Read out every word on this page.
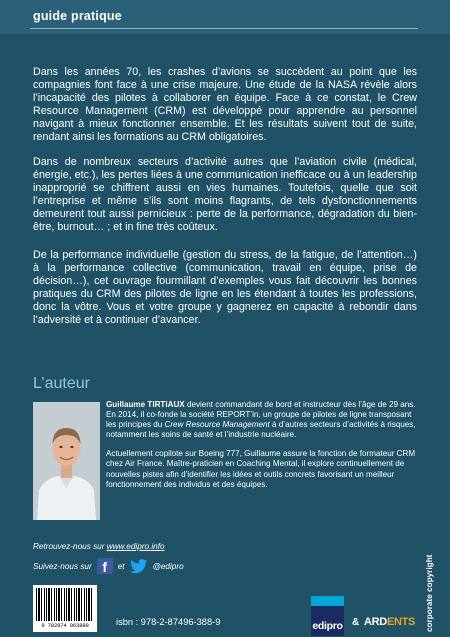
guide pratique

Dans les années 70, les crashes d’avions se succèdent au point que les compagnies font face à une crise majeure. Une étude de la NASA révèle alors l’incapacité des pilotes à collaborer en équipe. Face à ce constat, le Crew Resource Management (CRM) est développé pour apprendre au personnel navigant à mieux fonctionner ensemble. Et les résultats suivent tout de suite, rendant ainsi les formations au CRM obligatoires.

Dans de nombreux secteurs d’activité autres que l’aviation civile (médical, énergie, etc.), les pertes liées à une communication inefficace ou à un leadership inapproprié se chiffrent aussi en vies humaines. Toutefois, quelle que soit l’entreprise et même s’ils sont moins flagrants, de tels dysfonctionnements demeurent tout aussi pernicieux : perte de la performance, dégradation du bien-être, burnout… ; et in fine très coûteux.

De la performance individuelle (gestion du stress, de la fatigue, de l’attention…) à la performance collective (communication, travail en équipe, prise de décision…), cet ouvrage fourmillant d’exemples vous fait découvrir les bonnes pratiques du CRM des pilotes de ligne en les étendant à toutes les professions, donc la vôtre. Vous et votre groupe y gagnerez en capacité à rebondir dans l’adversité et à continuer d’avancer.

L’auteur

Guillaume TIRTIAUX devient commandant de bord et instructeur dès l’âge de 29 ans. En 2014, il co-fonde la société REPORT’in, un groupe de pilotes de ligne transposant les principes du Crew Resource Management à d’autres secteurs d’activités à risques, notamment les soins de santé et l’industrie nucléaire.

Actuellement copilote sur Boeing 777, Guillaume assure la fonction de formateur CRM chez Air France. Maître-praticien en Coaching Mental, il explore continuellement de nouvelles pistes afin d’identifier les idées et outils concrets favorisant un meilleur fonctionnement des individus et des équipes.

Retrouvez-nous sur www.edipro.info
Suivez-nous sur f et	@edipro
9 782874 963889	isbn : 978-2-87496-388-9	edipro & ARDENTS corporate copyright
